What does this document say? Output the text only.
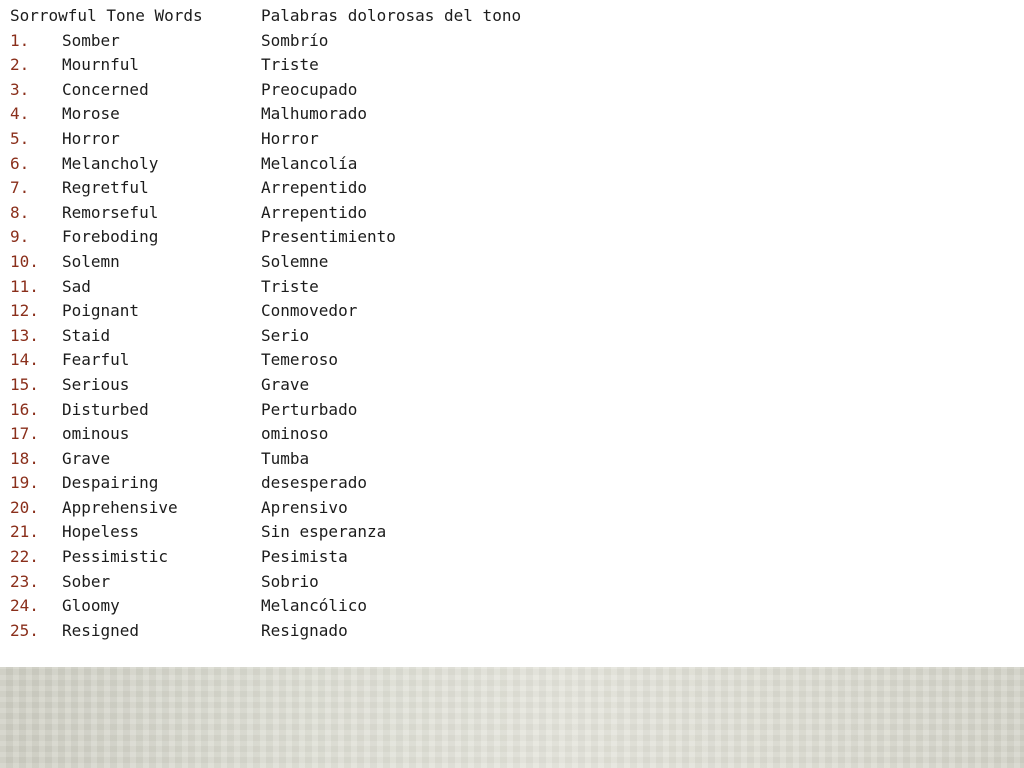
Sorrowful Tone Words	Palabras dolorosas del tono
1.	Somber	Sombrío
2.	Mournful	Triste
3.	Concerned	Preocupado
4.	Morose	Malhumorado
5.	Horror	Horror
6.	Melancholy	Melancolía
7.	Regretful	Arrepentido
8.	Remorseful	Arrepentido
9.	Foreboding	Presentimiento
10.	Solemn	Solemne
11.	Sad	Triste
12.	Poignant	Conmovedor
13.	Staid	Serio
14.	Fearful	Temeroso
15.	Serious	Grave
16.	Disturbed	Perturbado
17.	ominous	ominoso
18.	Grave	Tumba
19.	Despairing	desesperado
20.	Apprehensive	Aprensivo
21.	Hopeless	Sin esperanza
22.	Pessimistic	Pesimista
23.	Sober	Sobrio
24.	Gloomy	Melancólico
25.	Resigned	Resignado
